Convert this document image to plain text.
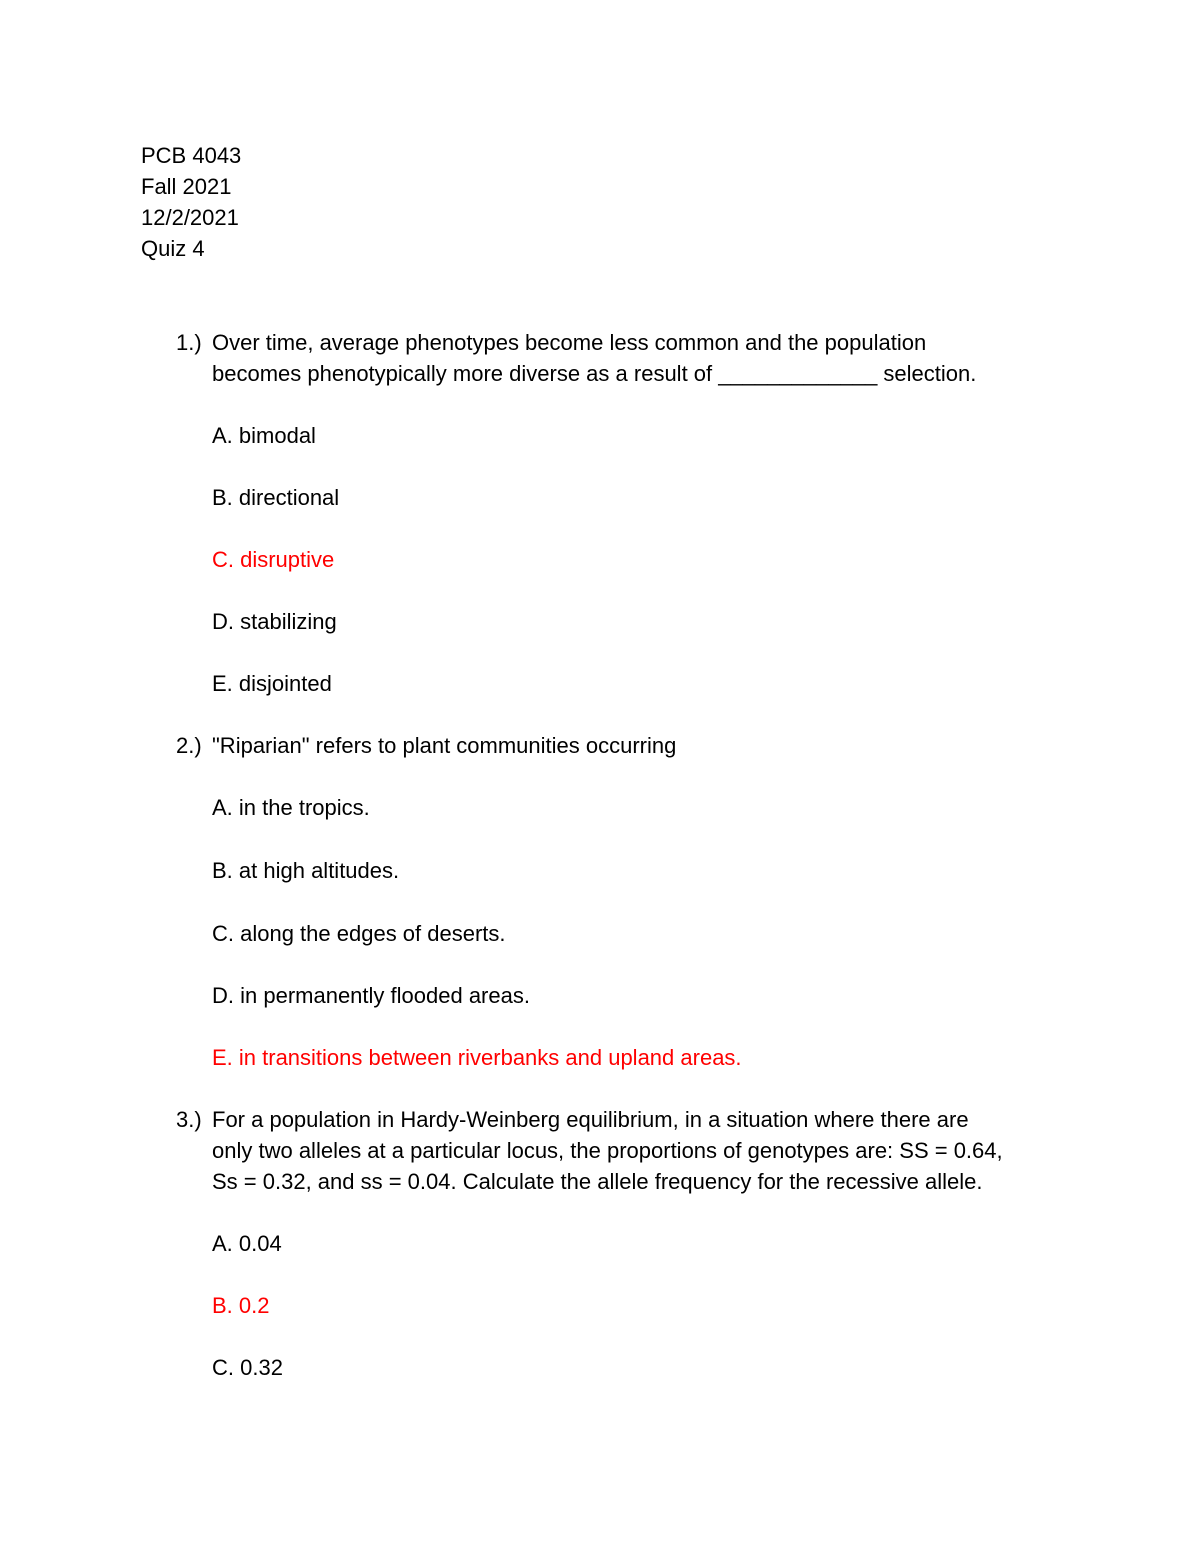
PCB 4043
Fall 2021
12/2/2021
Quiz 4
1.) Over time, average phenotypes become less common and the population
becomes phenotypically more diverse as a result of _____________ selection.
A. bimodal
B. directional
C. disruptive
D. stabilizing
E. disjointed
2.) "Riparian" refers to plant communities occurring
A. in the tropics.
B. at high altitudes.
C. along the edges of deserts.
D. in permanently flooded areas.
E. in transitions between riverbanks and upland areas.
3.) For a population in Hardy-Weinberg equilibrium, in a situation where there are
only two alleles at a particular locus, the proportions of genotypes are: SS = 0.64,
Ss = 0.32, and ss = 0.04. Calculate the allele frequency for the recessive allele.
A. 0.04
B. 0.2
C. 0.32
